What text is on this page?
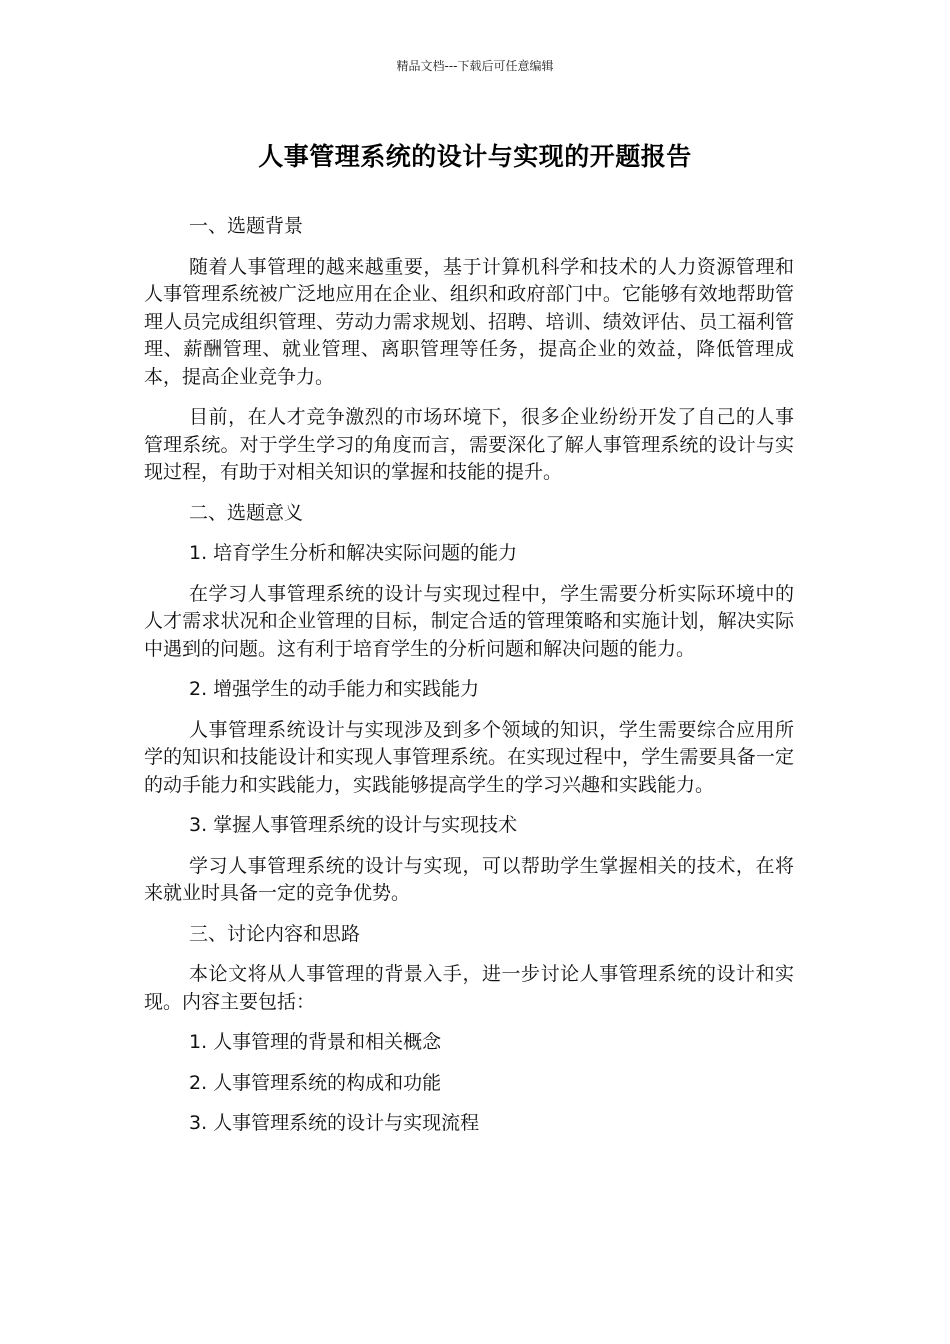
精品文档---下载后可任意编辑
人事管理系统的设计与实现的开题报告

一、选题背景

随着人事管理的越来越重要，基于计算机科学和技术的人力资源管理和人事管理系统被广泛地应用在企业、组织和政府部门中。它能够有效地帮助管理人员完成组织管理、劳动力需求规划、招聘、培训、绩效评估、员工福利管理、薪酬管理、就业管理、离职管理等任务，提高企业的效益，降低管理成本，提高企业竞争力。

目前，在人才竞争激烈的市场环境下，很多企业纷纷开发了自己的人事管理系统。对于学生学习的角度而言，需要深化了解人事管理系统的设计与实现过程，有助于对相关知识的掌握和技能的提升。

二、选题意义

1. 培育学生分析和解决实际问题的能力

在学习人事管理系统的设计与实现过程中，学生需要分析实际环境中的人才需求状况和企业管理的目标，制定合适的管理策略和实施计划，解决实际中遇到的问题。这有利于培育学生的分析问题和解决问题的能力。

2. 增强学生的动手能力和实践能力

人事管理系统设计与实现涉及到多个领域的知识，学生需要综合应用所学的知识和技能设计和实现人事管理系统。在实现过程中，学生需要具备一定的动手能力和实践能力，实践能够提高学生的学习兴趣和实践能力。

3. 掌握人事管理系统的设计与实现技术

学习人事管理系统的设计与实现，可以帮助学生掌握相关的技术，在将来就业时具备一定的竞争优势。

三、讨论内容和思路

本论文将从人事管理的背景入手，进一步讨论人事管理系统的设计和实现。内容主要包括：

1. 人事管理的背景和相关概念

2. 人事管理系统的构成和功能

3. 人事管理系统的设计与实现流程
